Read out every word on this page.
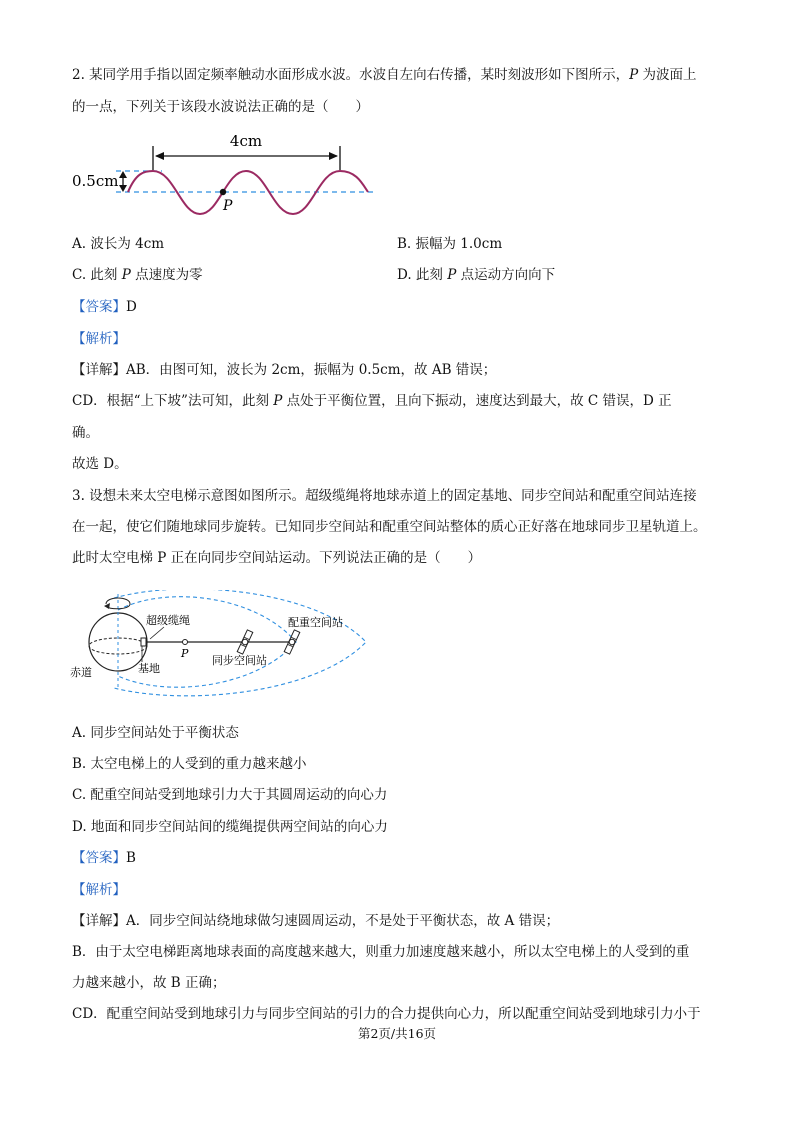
2. 某同学用手指以固定频率触动水面形成水波。水波自左向右传播，某时刻波形如下图所示，P 为波面上
的一点，下列关于该段水波说法正确的是（　　）
4cm
0.5cm
P
A. 波长为 4cm	B. 振幅为 1.0cm
C. 此刻 P 点速度为零	D. 此刻 P 点运动方向向下
【答案】D
【解析】
【详解】AB．由图可知，波长为 2cm，振幅为 0.5cm，故 AB 错误；
CD．根据“上下坡”法可知，此刻 P 点处于平衡位置，且向下振动，速度达到最大，故 C 错误，D 正
确。
故选 D。
3. 设想未来太空电梯示意图如图所示。超级缆绳将地球赤道上的固定基地、同步空间站和配重空间站连接
在一起，使它们随地球同步旋转。已知同步空间站和配重空间站整体的质心正好落在地球同步卫星轨道上。
此时太空电梯 P 正在向同步空间站运动。下列说法正确的是（　　）
超级缆绳	配重空间站
P
赤道	基地
同步空间站
A. 同步空间站处于平衡状态
B. 太空电梯上的人受到的重力越来越小
C. 配重空间站受到地球引力大于其圆周运动的向心力
D. 地面和同步空间站间的缆绳提供两空间站的向心力
【答案】B
【解析】
【详解】A．同步空间站绕地球做匀速圆周运动，不是处于平衡状态，故 A 错误；
B．由于太空电梯距离地球表面的高度越来越大，则重力加速度越来越小，所以太空电梯上的人受到的重
力越来越小，故 B 正确；
CD．配重空间站受到地球引力与同步空间站的引力的合力提供向心力，所以配重空间站受到地球引力小于
第2页/共16页
